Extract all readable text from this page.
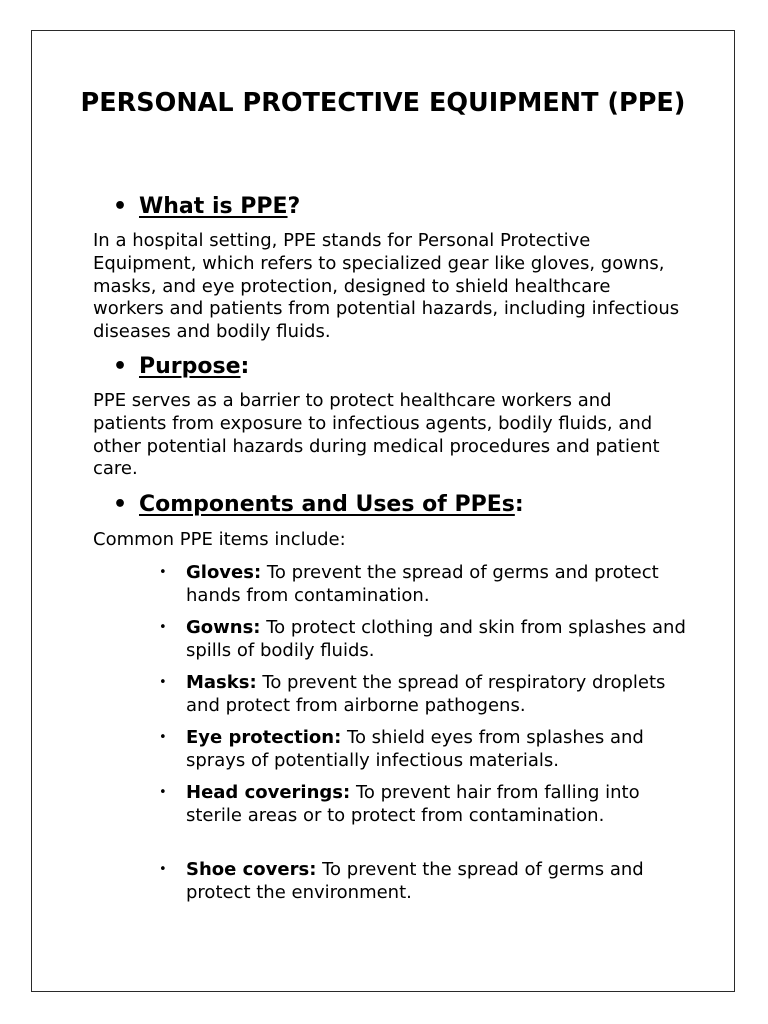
PERSONAL PROTECTIVE EQUIPMENT (PPE)
• What is PPE?

In a hospital setting, PPE stands for Personal Protective Equipment, which refers to specialized gear like gloves, gowns, masks, and eye protection, designed to shield healthcare workers and patients from potential hazards, including infectious diseases and bodily fluids.

• Purpose:

PPE serves as a barrier to protect healthcare workers and patients from exposure to infectious agents, bodily fluids, and other potential hazards during medical procedures and patient care.

• Components and Uses of PPEs:

Common PPE items include:

• Gloves: To prevent the spread of germs and protect hands from contamination.
• Gowns: To protect clothing and skin from splashes and spills of bodily fluids.
• Masks: To prevent the spread of respiratory droplets and protect from airborne pathogens.
• Eye protection: To shield eyes from splashes and sprays of potentially infectious materials.
• Head coverings: To prevent hair from falling into sterile areas or to protect from contamination.
• Shoe covers: To prevent the spread of germs and protect the environment.
